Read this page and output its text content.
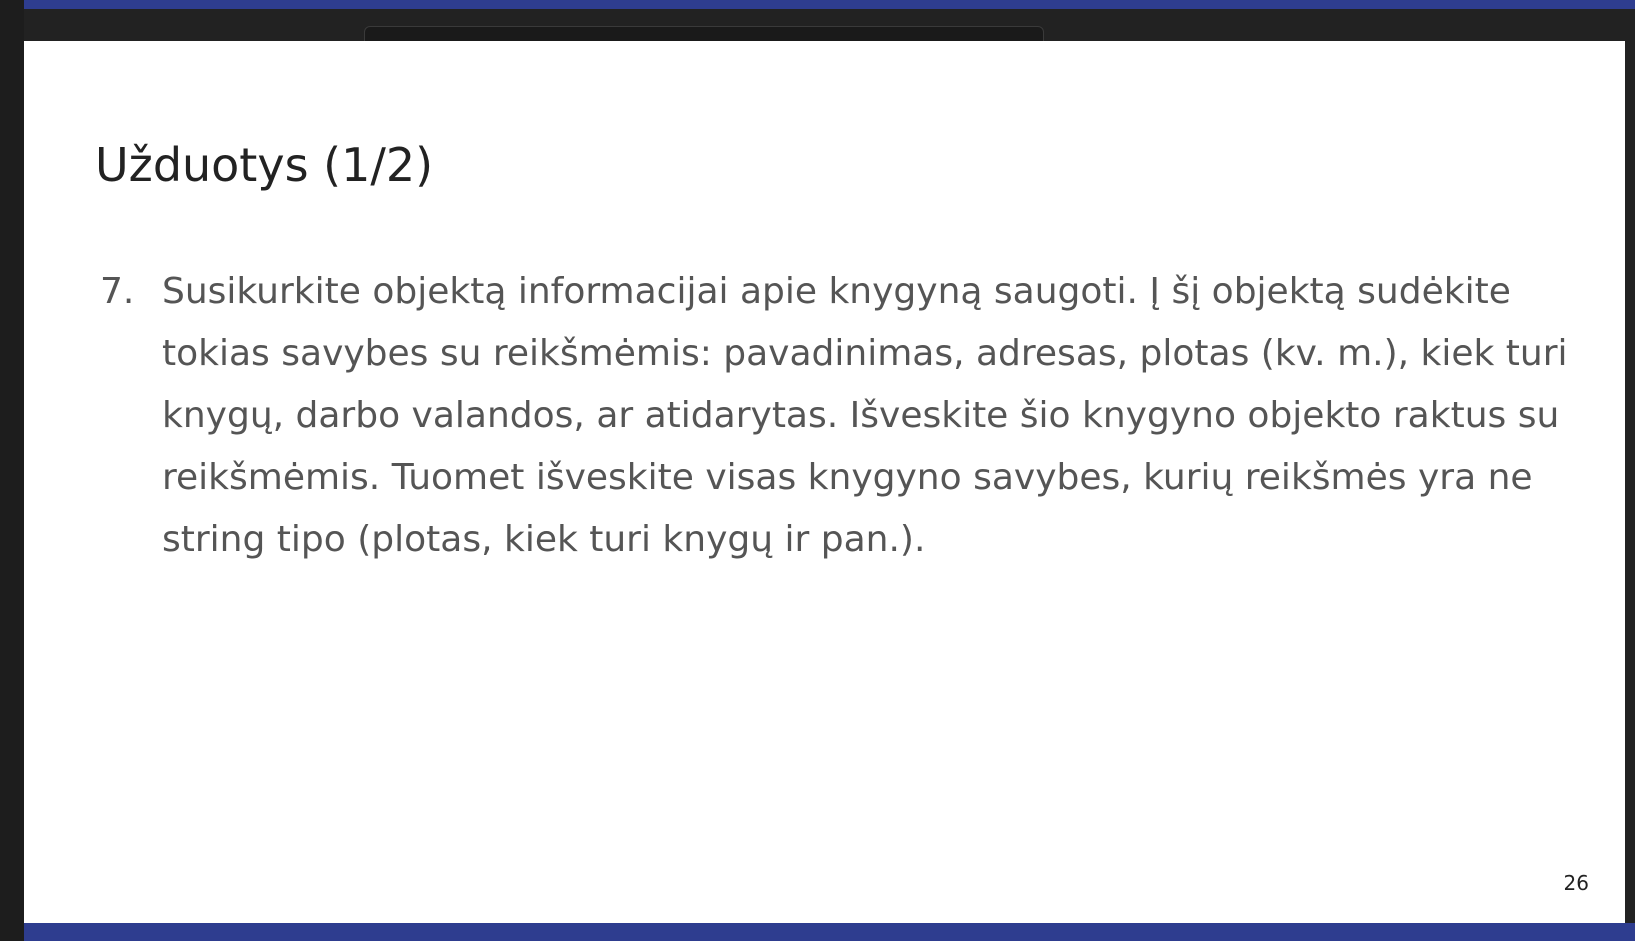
Užduotys (1/2)
7. Susikurkite objektą informacijai apie knygyną saugoti. Į šį objektą sudėkite tokias savybes su reikšmėmis: pavadinimas, adresas, plotas (kv. m.), kiek turi knygų, darbo valandos, ar atidarytas. Išveskite šio knygyno objekto raktus su reikšmėmis. Tuomet išveskite visas knygyno savybes, kurių reikšmės yra ne string tipo (plotas, kiek turi knygų ir pan.).
26
